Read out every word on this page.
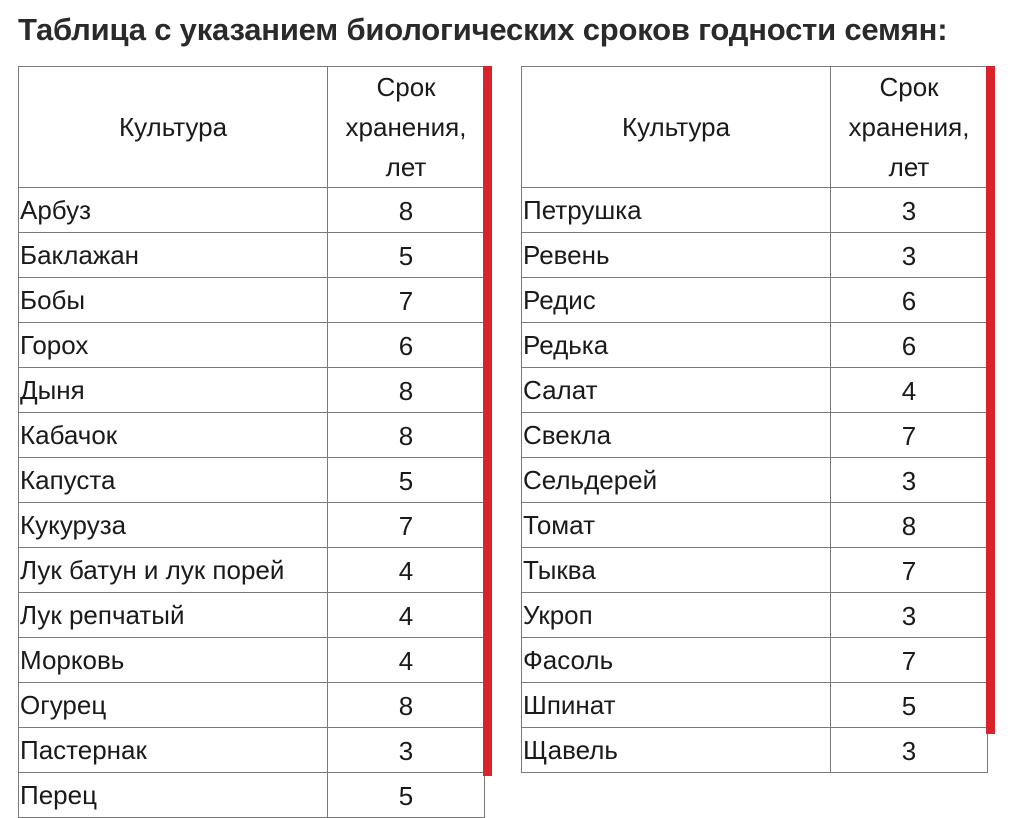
Таблица с указанием биологических сроков годности семян:
Культура	Срок
хранения,
лет

Арбуз	8
Баклажан	5
Бобы	7
Горох	6
Дыня	8
Кабачок	8
Капуста	5
Кукуруза	7
Лук батун и лук порей	4
Лук репчатый	4
Морковь	4
Огурец	8
Пастернак	3
Перец	5
Культура	Срок
хранения,
лет

Петрушка	3
Ревень	3
Редис	6
Редька	6
Салат	4
Свекла	7
Сельдерей	3
Томат	8
Тыква	7
Укроп	3
Фасоль	7
Шпинат	5
Щавель	3
